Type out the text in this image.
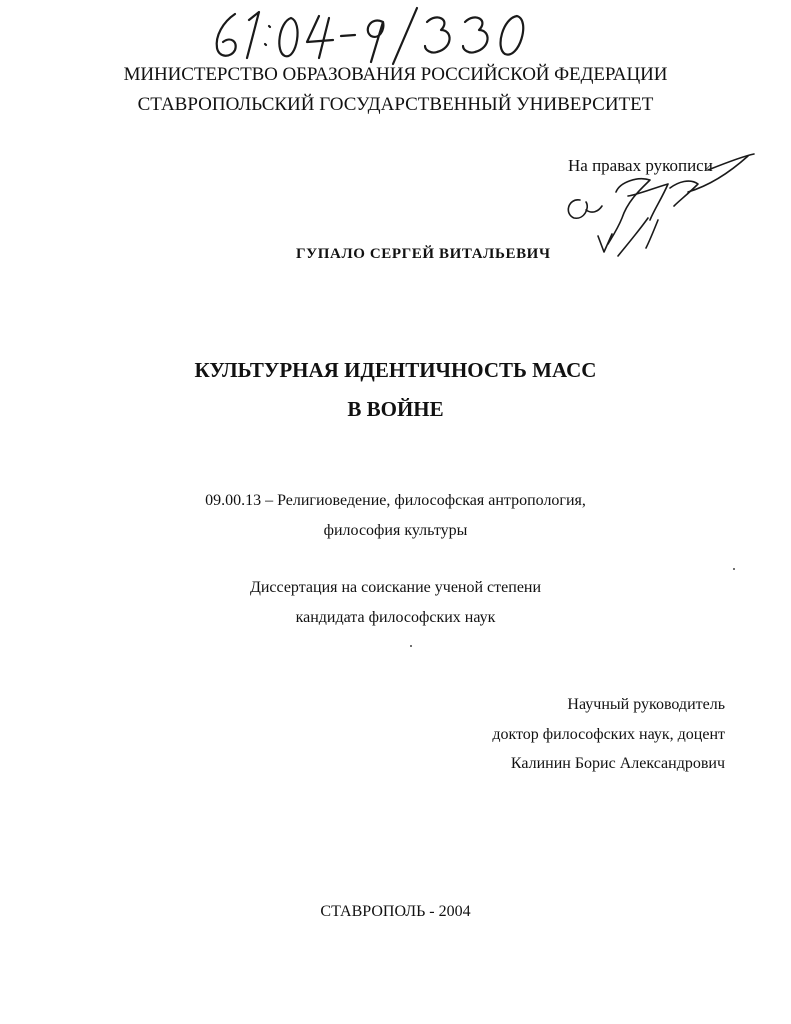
МИНИСТЕРСТВО ОБРАЗОВАНИЯ РОССИЙСКОЙ ФЕДЕРАЦИИ
СТАВРОПОЛЬСКИЙ ГОСУДАРСТВЕННЫЙ УНИВЕРСИТЕТ
На правах рукописи
ГУПАЛО СЕРГЕЙ ВИТАЛЬЕВИЧ
КУЛЬТУРНАЯ ИДЕНТИЧНОСТЬ МАСС
В ВОЙНЕ
09.00.13 – Религиоведение, философская антропология,
философия культуры
Диссертация на соискание ученой степени
кандидата философских наук
Научный руководитель
доктор философских наук, доцент
Калинин Борис Александрович
СТАВРОПОЛЬ - 2004
